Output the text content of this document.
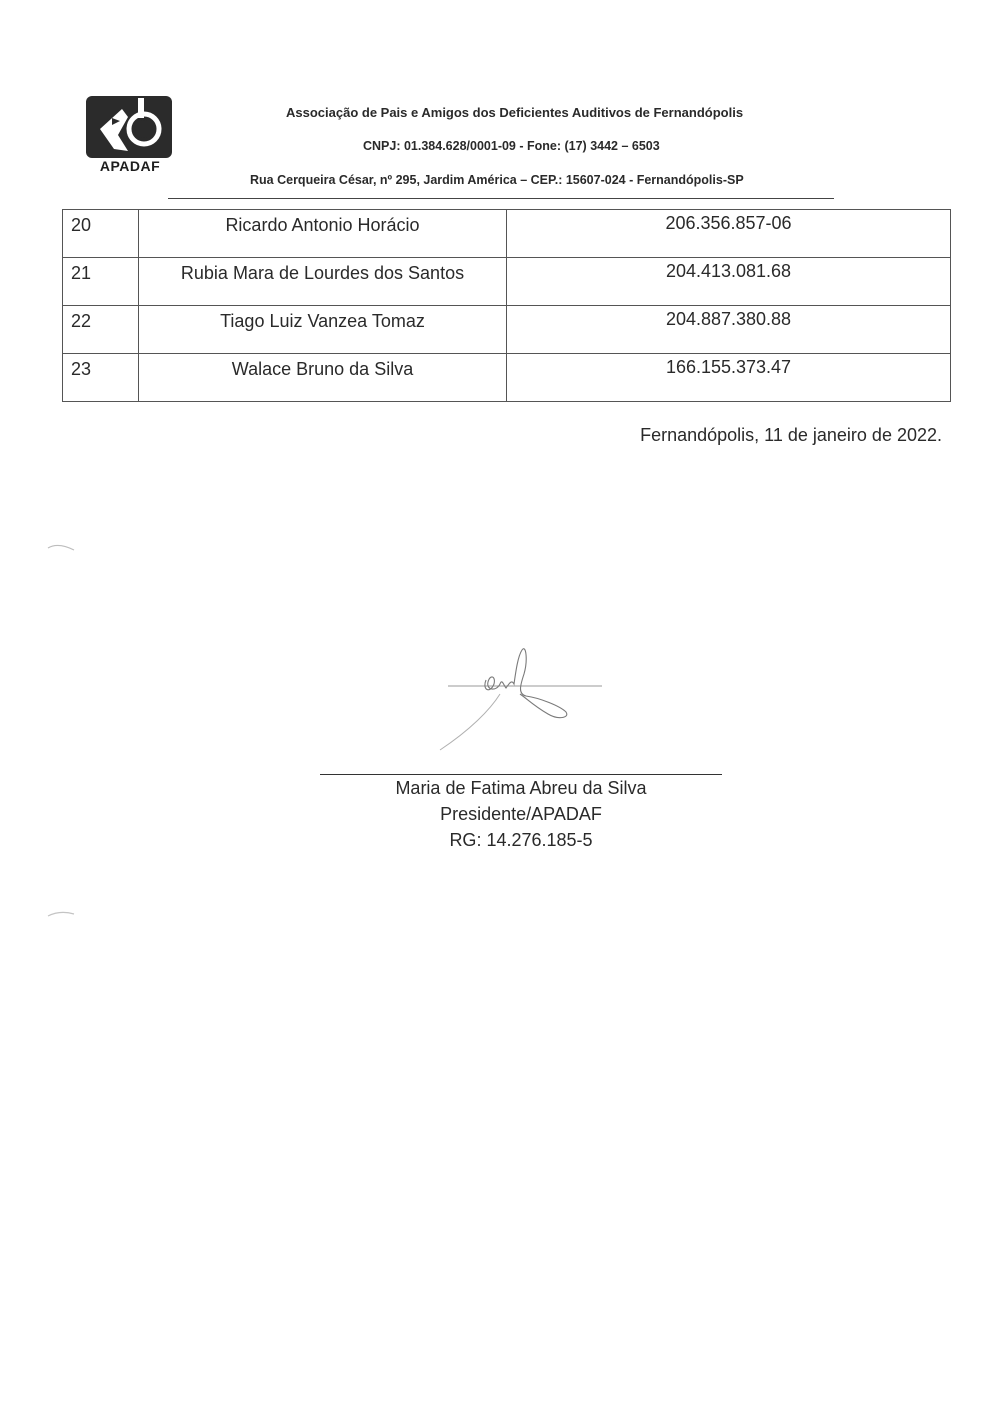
APADAF
Associação de Pais e Amigos dos Deficientes Auditivos de Fernandópolis
CNPJ: 01.384.628/0001-09 - Fone: (17) 3442 – 6503
Rua Cerqueira César, nº 295, Jardim América – CEP.: 15607-024 - Fernandópolis-SP
20	Ricardo Antonio Horácio	206.356.857-06
21	Rubia Mara de Lourdes dos Santos	204.413.081.68
22	Tiago Luiz Vanzea Tomaz	204.887.380.88
23	Walace Bruno da Silva	166.155.373.47
Fernandópolis, 11 de janeiro de 2022.
Maria de Fatima Abreu da Silva
Presidente/APADAF
RG: 14.276.185-5
